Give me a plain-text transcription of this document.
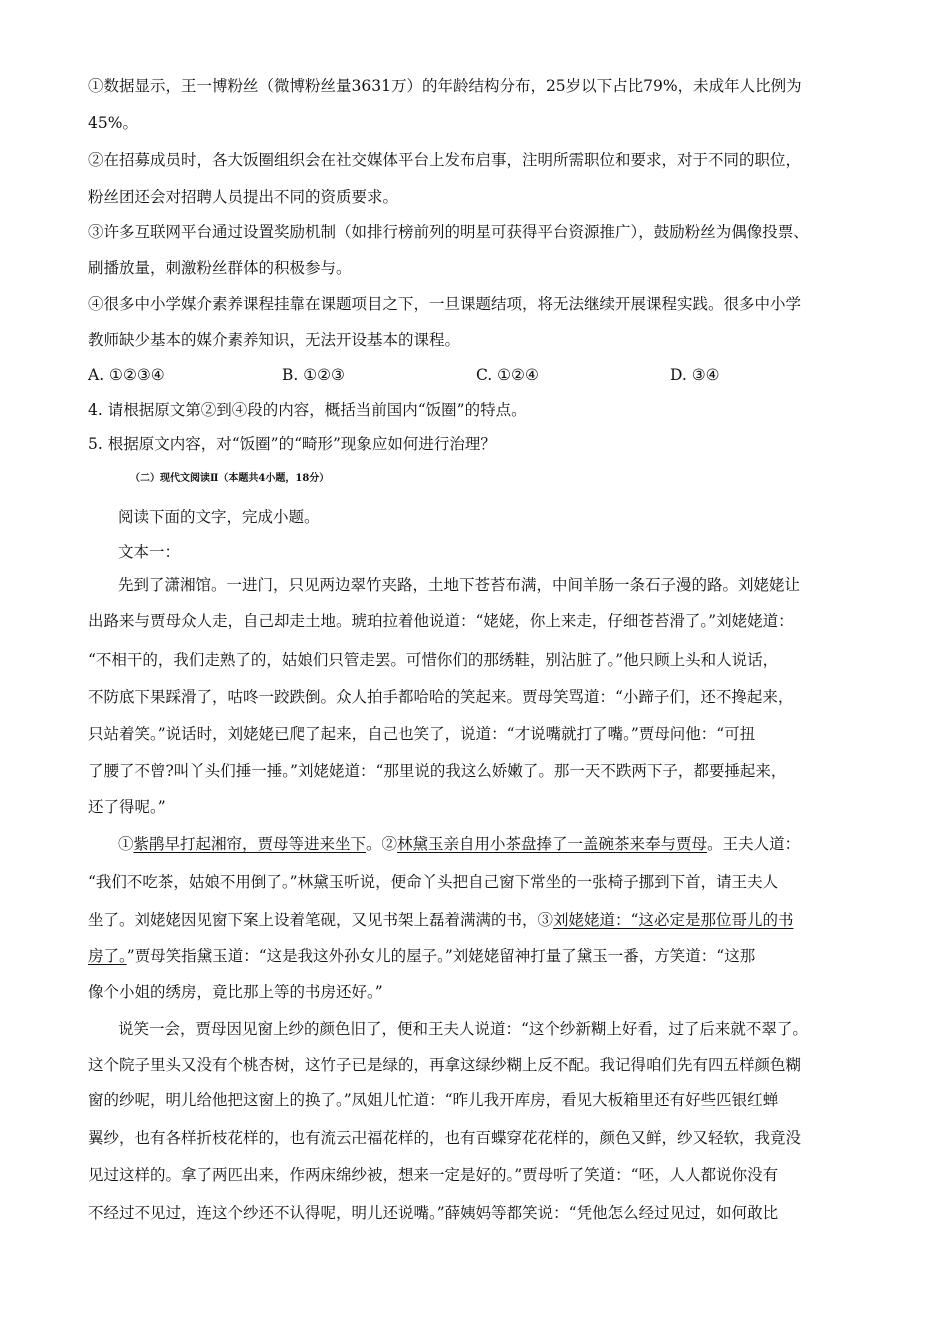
①数据显示，王一博粉丝（微博粉丝量3631万）的年龄结构分布，25岁以下占比79%，未成年人比例为
45%。
②在招募成员时，各大饭圈组织会在社交媒体平台上发布启事，注明所需职位和要求，对于不同的职位，
粉丝团还会对招聘人员提出不同的资质要求。
③许多互联网平台通过设置奖励机制（如排行榜前列的明星可获得平台资源推广），鼓励粉丝为偶像投票、
刷播放量，刺激粉丝群体的积极参与。
④很多中小学媒介素养课程挂靠在课题项目之下，一旦课题结项，将无法继续开展课程实践。很多中小学
教师缺少基本的媒介素养知识，无法开设基本的课程。
A. ①②③④	B. ①②③	C. ①②④	D. ③④
4. 请根据原文第②到④段的内容，概括当前国内“饭圈”的特点。
5. 根据原文内容，对“饭圈”的“畸形”现象应如何进行治理？
（二）现代文阅读Ⅱ（本题共4小题，18分）
阅读下面的文字，完成小题。
文本一：
先到了潇湘馆。一进门，只见两边翠竹夹路，土地下苍苔布满，中间羊肠一条石子漫的路。刘姥姥让
出路来与贾母众人走，自己却走土地。琥珀拉着他说道：“姥姥，你上来走，仔细苍苔滑了。”刘姥姥道：
“不相干的，我们走熟了的，姑娘们只管走罢。可惜你们的那绣鞋，别沾脏了。”他只顾上头和人说话，
不防底下果踩滑了，咕咚一跤跌倒。众人拍手都哈哈的笑起来。贾母笑骂道：“小蹄子们，还不搀起来，
只站着笑。”说话时，刘姥姥已爬了起来，自己也笑了，说道：“才说嘴就打了嘴。”贾母问他：“可扭
了腰了不曾?叫丫头们捶一捶。”刘姥姥道：“那里说的我这么娇嫩了。那一天不跌两下子，都要捶起来，
还了得呢。”
①紫鹃早打起湘帘，贾母等进来坐下。②林黛玉亲自用小茶盘捧了一盖碗茶来奉与贾母。王夫人道：
“我们不吃茶，姑娘不用倒了。”林黛玉听说，便命丫头把自己窗下常坐的一张椅子挪到下首，请王夫人
坐了。刘姥姥因见窗下案上设着笔砚，又见书架上磊着满满的书，③刘姥姥道：“这必定是那位哥儿的书
房了。”贾母笑指黛玉道：“这是我这外孙女儿的屋子。”刘姥姥留神打量了黛玉一番，方笑道：“这那
像个小姐的绣房，竟比那上等的书房还好。”
说笑一会，贾母因见窗上纱的颜色旧了，便和王夫人说道：“这个纱新糊上好看，过了后来就不翠了。
这个院子里头又没有个桃杏树，这竹子已是绿的，再拿这绿纱糊上反不配。我记得咱们先有四五样颜色糊
窗的纱呢，明儿给他把这窗上的换了。”凤姐儿忙道：“昨儿我开库房，看见大板箱里还有好些匹银红蝉
翼纱，也有各样折枝花样的，也有流云卍福花样的，也有百蝶穿花花样的，颜色又鲜，纱又轻软，我竟没
见过这样的。拿了两匹出来，作两床绵纱被，想来一定是好的。”贾母听了笑道：“呸，人人都说你没有
不经过不见过，连这个纱还不认得呢，明儿还说嘴。”薛姨妈等都笑说：“凭他怎么经过见过，如何敢比
